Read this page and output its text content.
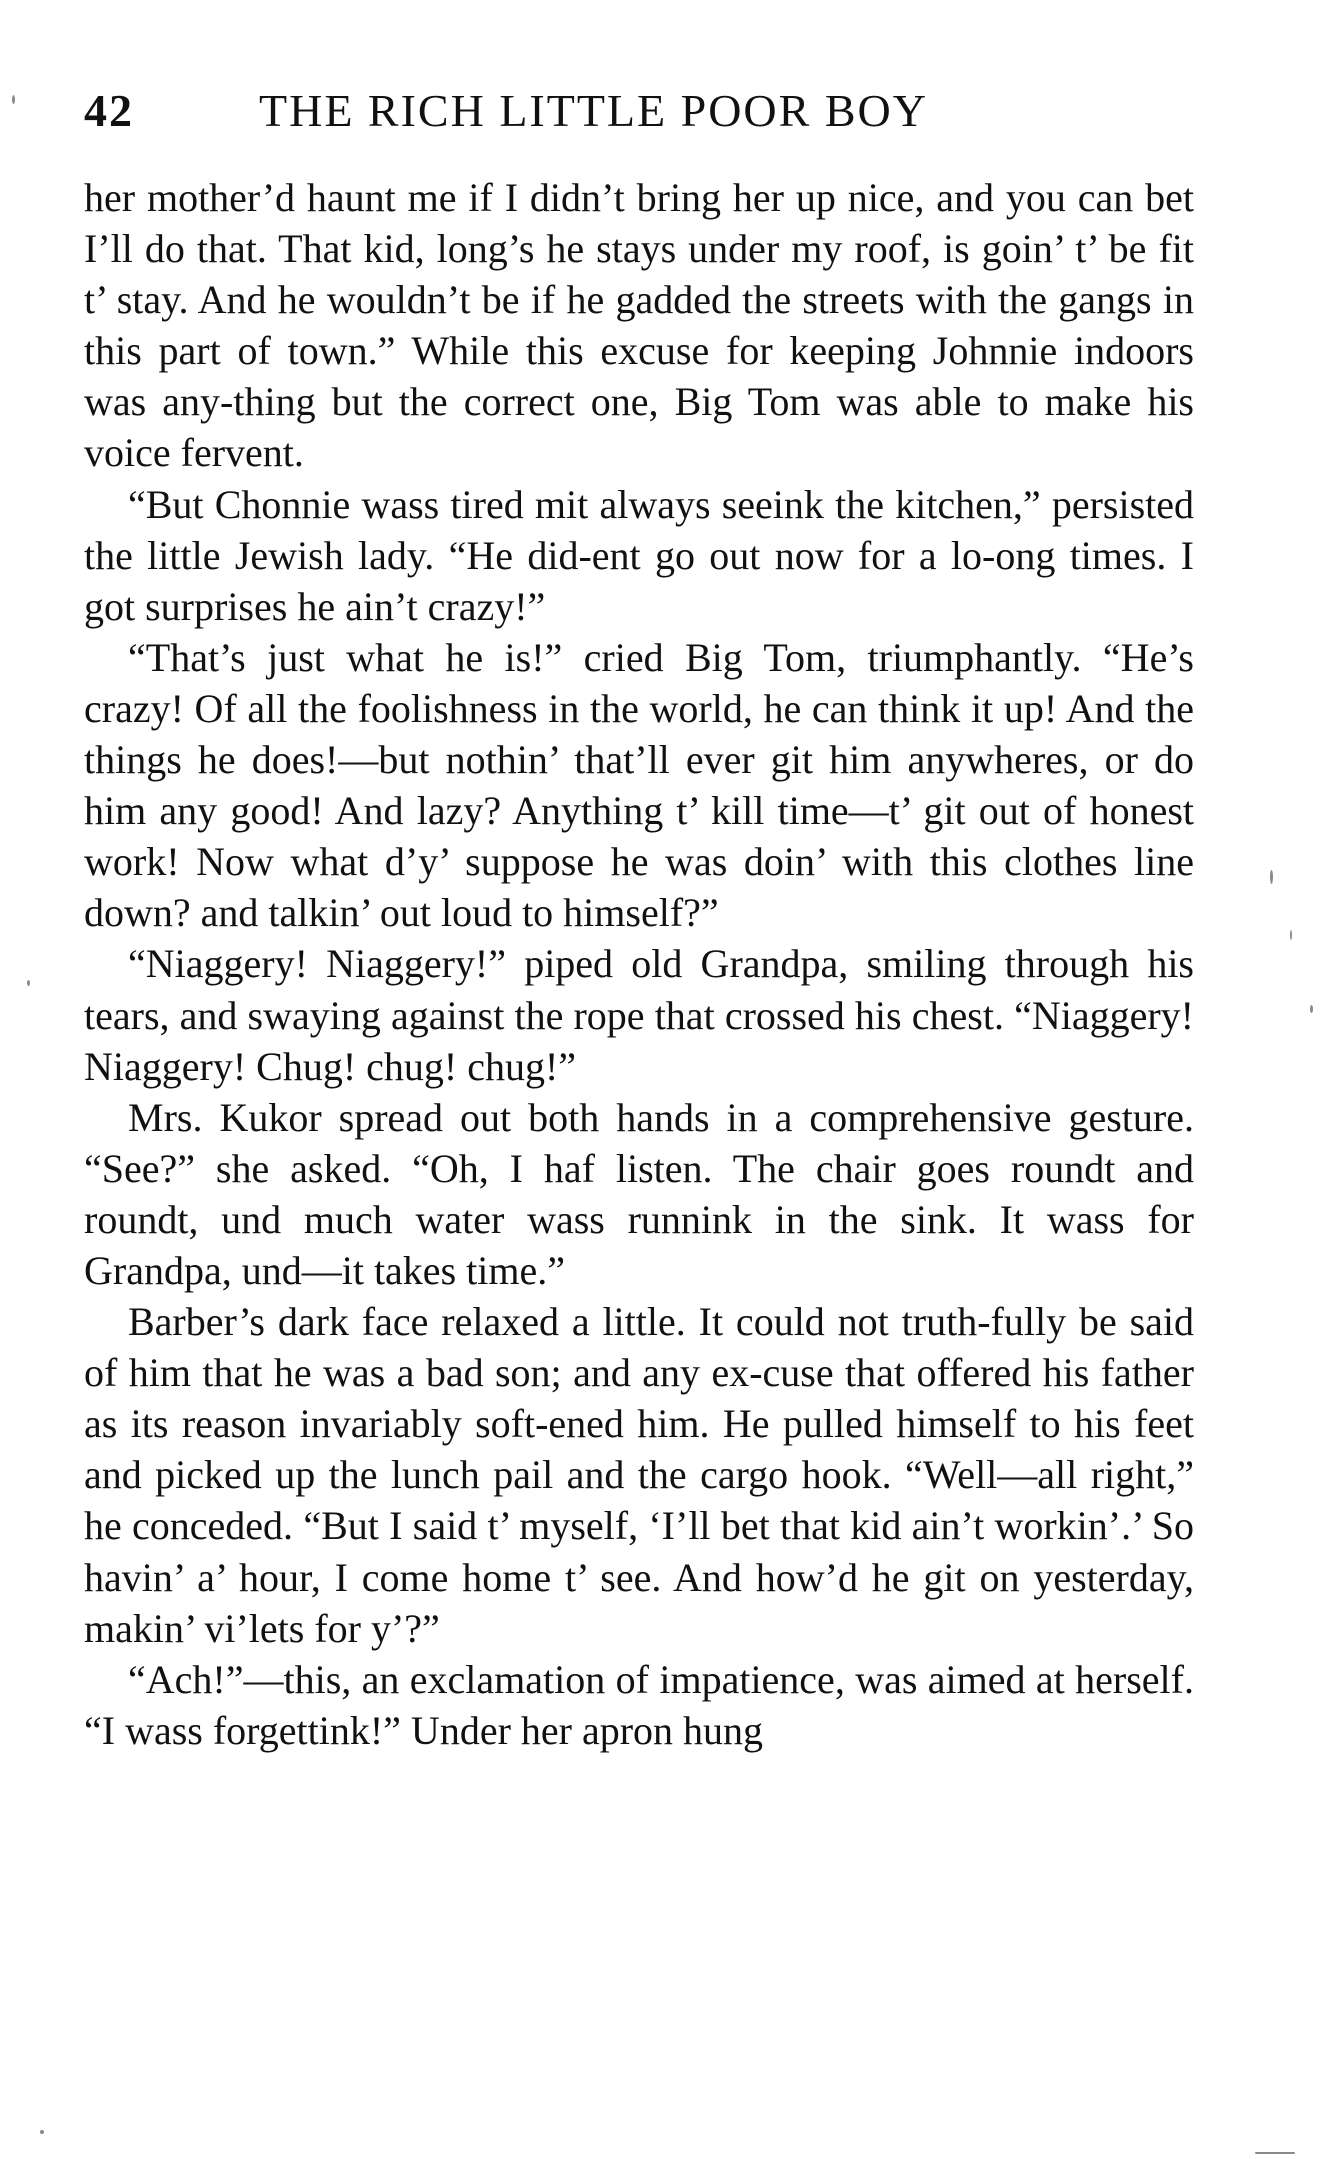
42	THE RICH LITTLE POOR BOY

her mother’d haunt me if I didn’t bring her up nice, and you can bet I’ll do that. That kid, long’s he stays under my roof, is goin’ t’ be fit t’ stay. And he wouldn’t be if he gadded the streets with the gangs in this part of town.” While this excuse for keeping Johnnie indoors was any-thing but the correct one, Big Tom was able to make his voice fervent.

“But Chonnie wass tired mit always seeink the kitchen,” persisted the little Jewish lady. “He did-ent go out now for a lo-ong times. I got surprises he ain’t crazy!”

“That’s just what he is!” cried Big Tom, triumphantly. “He’s crazy! Of all the foolishness in the world, he can think it up! And the things he does!—but nothin’ that’ll ever git him anywheres, or do him any good! And lazy? Anything t’ kill time—t’ git out of honest work! Now what d’y’ suppose he was doin’ with this clothes line down? and talkin’ out loud to himself?”

“Niaggery! Niaggery!” piped old Grandpa, smiling through his tears, and swaying against the rope that crossed his chest. “Niaggery! Niaggery! Chug! chug! chug!”

Mrs. Kukor spread out both hands in a comprehensive gesture. “See?” she asked. “Oh, I haf listen. The chair goes roundt and roundt, und much water wass runnink in the sink. It wass for Grandpa, und—it takes time.”

Barber’s dark face relaxed a little. It could not truth-fully be said of him that he was a bad son; and any ex-cuse that offered his father as its reason invariably soft-ened him. He pulled himself to his feet and picked up the lunch pail and the cargo hook. “Well—all right,” he conceded. “But I said t’ myself, ‘I’ll bet that kid ain’t workin’.’ So havin’ a’ hour, I come home t’ see. And how’d he git on yesterday, makin’ vi’lets for y’?”

“Ach!”—this, an exclamation of impatience, was aimed at herself. “I wass forgettink!” Under her apron hung
